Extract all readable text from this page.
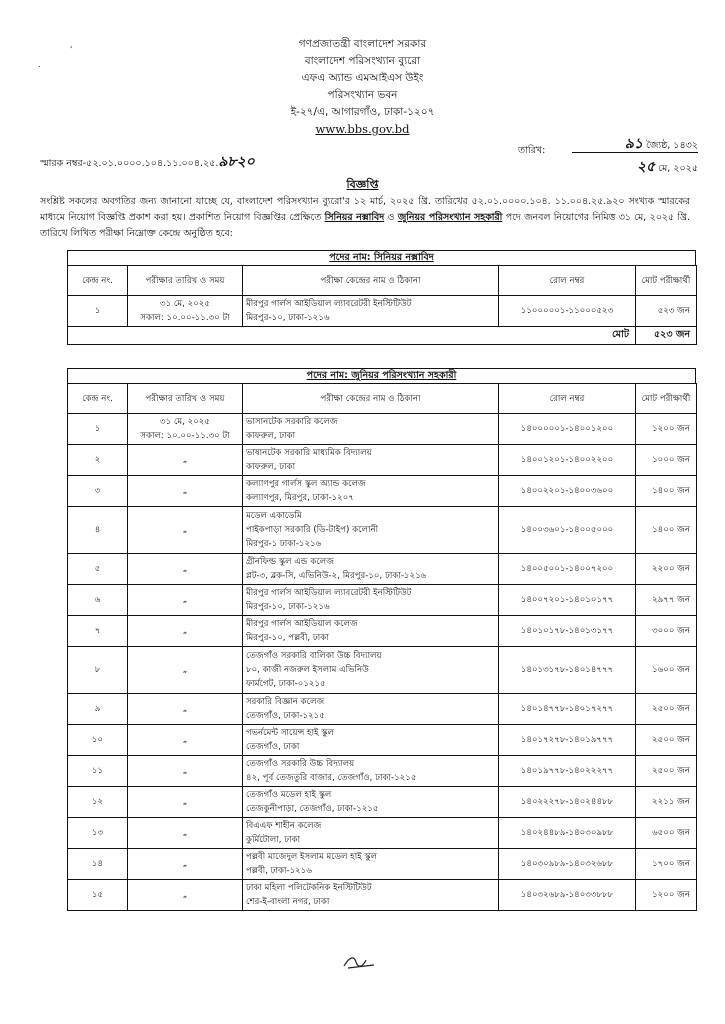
'
.
গণপ্রজাতন্ত্রী বাংলাদেশ সরকার
বাংলাদেশ পরিসংখ্যান ব্যুরো
এফএ অ্যান্ড এমআইএস উইং
পরিসংখ্যান ভবন
ই-২৭/এ, আগারগাঁও, ঢাকা-১২০৭
www.bbs.gov.bd
স্মারক নম্বর-৫২.০১.০০০০.১০৪.১১.০০৪.২৫.৯৮২০
তারিখ:	৯১ জ্যৈষ্ঠ, ১৪৩২
২৫ মে, ২০২৫
বিজ্ঞপ্তি
সংশ্লিষ্ট সকলের অবগতির জন্য জানানো যাচ্ছে যে, বাংলাদেশ পরিসংখ্যান ব্যুরো'র ১২ মার্চ, ২০২৫ খ্রি. তারিখের ৫২.০১.০০০০.১০৪. ১১.০০৪.২৫.৯২০ সংখ্যক স্মারকের মাধ্যমে নিয়োগ বিজ্ঞপ্তি প্রকাশ করা হয়। প্রকাশিত নিয়োগ বিজ্ঞপ্তির প্রেক্ষিতে সিনিয়র নক্সাবিদ ও জুনিয়র পরিসংখ্যান সহকারী পদে জনবল নিয়োগের নিমিত্ত ৩১ মে, ২০২৫ খ্রি. তারিখে লিখিত পরীক্ষা নিম্নোক্ত কেন্দ্রে অনুষ্ঠিত হবে:
পদের নাম: সিনিয়র নক্সাবিদ
কেন্দ্র নং.	পরীক্ষার তারিখ ও সময়	পরীক্ষা কেন্দ্রের নাম ও ঠিকানা	রোল নম্বর	মোট পরীক্ষার্থী
১	৩১ মে, ২০২৫
সকাল: ১০.০০-১১.৩০ টা	মীরপুর গার্লস আইডিয়াল ল্যাবরেটরী ইনস্টিটিউট
মিরপুর-১০, ঢাকা-১২১৬	১১০০০০০১-১১০০০৫২৩	৫২৩ জন
মোট				৫২৩ জন
পদের নাম: জুনিয়র পরিসংখ্যান সহকারী
কেন্দ্র নং.	পরীক্ষার তারিখ ও সময়	পরীক্ষা কেন্দ্রের নাম ও ঠিকানা	রোল নম্বর	মোট পরীক্ষার্থী
১	৩১ মে, ২০২৫
সকাল: ১০.০০-১১.৩০ টা	ভাসানটেক সরকারি কলেজ
কাফরুল, ঢাকা	১৪০০০০০১-১৪০০১২০০	১২০০ জন
২	„	ভাষানটেক সরকারি মাধ্যমিক বিদ্যালয়
কাফরুল, ঢাকা	১৪০০১২০১-১৪০০২২০০	১০০০ জন
৩	„	কল্যাণপুর গার্লস স্কুল অ্যান্ড কলেজ
কল্যাণপুর, মিরপুর, ঢাকা-১২০৭	১৪০০২২০১-১৪০০৩৬০০	১৪০০ জন
৪	„	মডেল একাডেমি
পাইকপাড়া সরকারি (ডি-টাইপ) কলোনী
মিরপুর-১ ঢাকা-১২১৬	১৪০০৩৬০১-১৪০০৫০০০	১৪০০ জন
৫	„	গ্রীনফিল্ড স্কুল এন্ড কলেজ
প্লট-৩, ব্লক-সি, এভিনিউ-২, মিরপুর-১০, ঢাকা-১২১৬	১৪০০৫০০১-১৪০০৭২০০	২২০০ জন
৬	„	মীরপুর গার্লস আইডিয়াল ল্যাবরেটরী ইনস্টিটিউট
মিরপুর-১০, ঢাকা-১২১৬	১৪০০৭২০১-১৪০১০১৭৭	২৯৭৭ জন
৭	„	মীরপুর গার্লস আইডিয়াল কলেজ
মিরপুর-১০, পল্লবী, ঢাকা	১৪০১০১৭৮-১৪০১৩১৭৭	৩০০০ জন
৮	„	তেজগাঁও সরকারি বালিকা উচ্চ বিদ্যালয়
৮০, কাজী নজরুল ইসলাম এভিনিউ
ফার্মগেট, ঢাকা-০১২১৫	১৪০১৩১৭৮-১৪০১৪৭৭৭	১৬০০ জন
৯	„	সরকারি বিজ্ঞান কলেজ
তেজগাঁও, ঢাকা-১২১৫	১৪০১৪৭৭৮-১৪০১৭২৭৭	২৫০০ জন
১০	„	গভর্নমেন্ট সায়েন্স হাই স্কুল
তেজগাঁও, ঢাকা	১৪০১৭২৭৮-১৪০১৯৭৭৭	২৫০০ জন
১১	„	তেজগাঁও সরকারি উচ্চ বিদ্যালয়
৪২, পূর্ব তেজতুরি বাজার, তেজগাঁও, ঢাকা-১২১৫	১৪০১৯৭৭৮-১৪০২২২৭৭	২৫০০ জন
১২	„	তেজগাঁও মডেল হাই স্কুল
তেজকুনীপাড়া, তেজগাঁও, ঢাকা-১২১৫	১৪০২২২৭৮-১৪০২৪৪৮৮	২২১১ জন
১৩	„	বিএএফ শাহীন কলেজ
কুর্মিটোলা, ঢাকা	১৪০২৪৪৮৯-১৪০৩০৯৮৮	৬৫০০ জন
১৪	„	পল্লবী মাজেদুল ইসলাম মডেল হাই স্কুল
পল্লবী, ঢাকা-১২১৬	১৪০৩০৯৮৯-১৪০৩২৬৮৮	১৭০০ জন
১৫	„	ঢাকা মহিলা পলিটেকনিক ইনস্টিটিউট
শের-ই-বাংলা নগর, ঢাকা	১৪০৩২৬৮৯-১৪০৩৩৮৮৮	১২০০ জন
